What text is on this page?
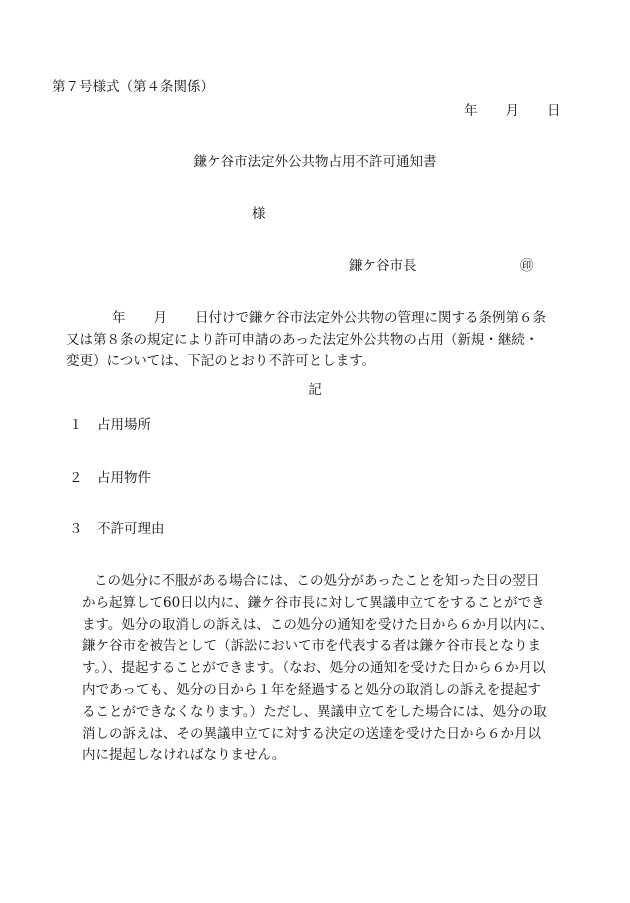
第７号様式（第４条関係）
年 月 日
鎌ケ谷市法定外公共物占用不許可通知書
様
鎌ケ谷市長	㊞
年 月 日付けで鎌ケ谷市法定外公共物の管理に関する条例第６条
又は第８条の規定により許可申請のあった法定外公共物の占用（新規・継続・
変更）については、下記のとおり不許可とします。
記
１ 占用場所
２ 占用物件
３ 不許可理由
この処分に不服がある場合には、この処分があったことを知った日の翌日
から起算して60日以内に、鎌ケ谷市長に対して異議申立てをすることができ
ます。処分の取消しの訴えは、この処分の通知を受けた日から６か月以内に、
鎌ケ谷市を被告として（訴訟において市を代表する者は鎌ケ谷市長となりま
す。）、提起することができます。（なお、処分の通知を受けた日から６か月以
内であっても、処分の日から１年を経過すると処分の取消しの訴えを提起す
ることができなくなります。）ただし、異議申立てをした場合には、処分の取
消しの訴えは、その異議申立てに対する決定の送達を受けた日から６か月以
内に提起しなければなりません。
